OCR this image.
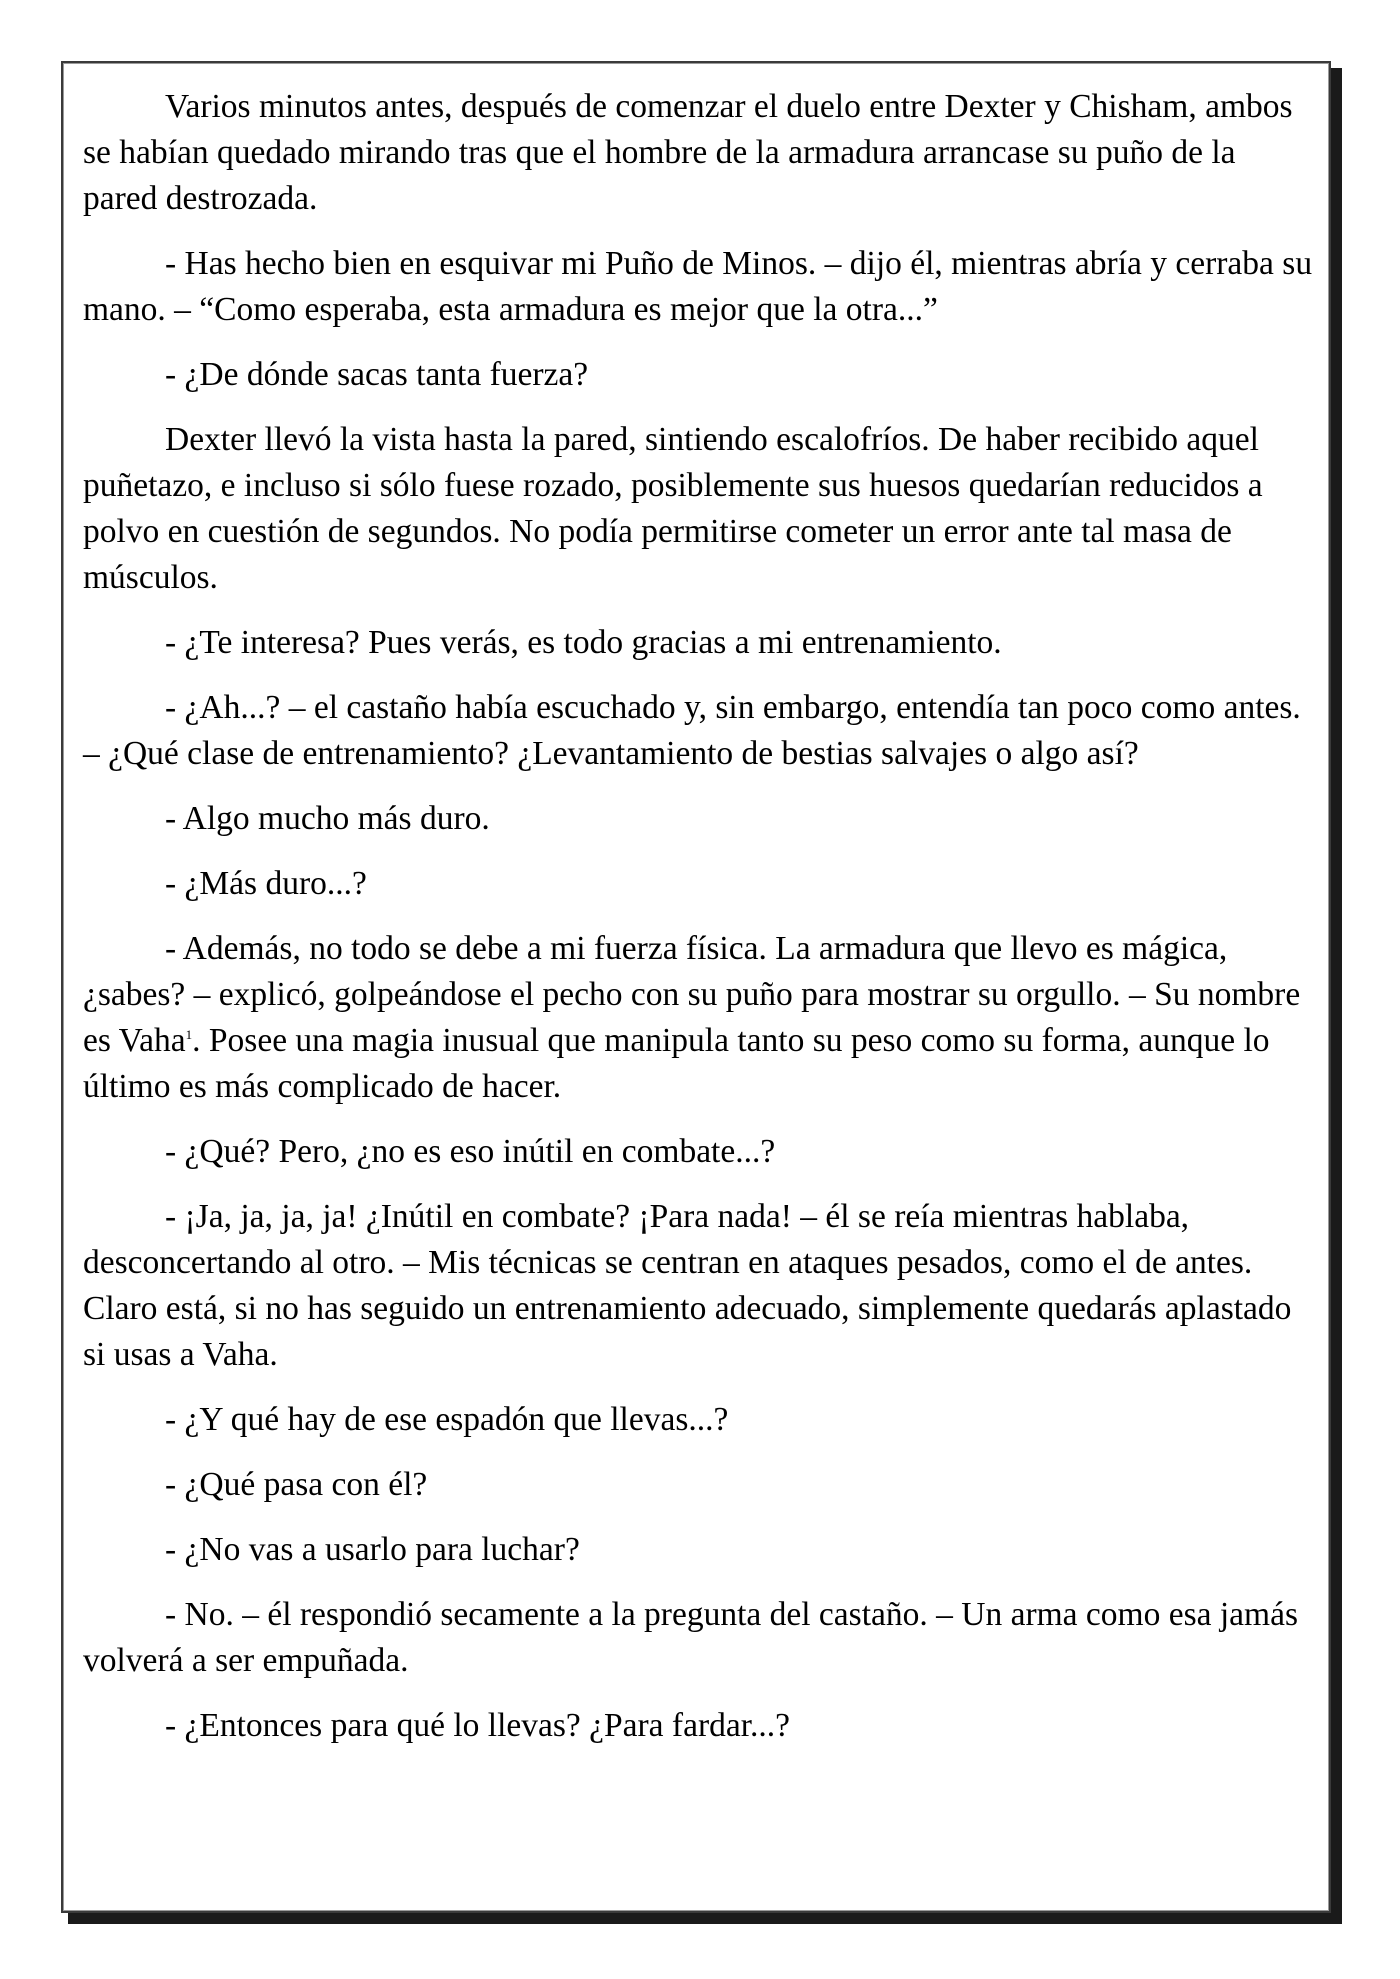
Varios minutos antes, después de comenzar el duelo entre Dexter y Chisham, ambos se habían quedado mirando tras que el hombre de la armadura arrancase su puño de la pared destrozada.

- Has hecho bien en esquivar mi Puño de Minos. – dijo él, mientras abría y cerraba su mano. – “Como esperaba, esta armadura es mejor que la otra...”

- ¿De dónde sacas tanta fuerza?

Dexter llevó la vista hasta la pared, sintiendo escalofríos. De haber recibido aquel puñetazo, e incluso si sólo fuese rozado, posiblemente sus huesos quedarían reducidos a polvo en cuestión de segundos. No podía permitirse cometer un error ante tal masa de músculos.

- ¿Te interesa? Pues verás, es todo gracias a mi entrenamiento.

- ¿Ah...? – el castaño había escuchado y, sin embargo, entendía tan poco como antes. – ¿Qué clase de entrenamiento? ¿Levantamiento de bestias salvajes o algo así?

- Algo mucho más duro.

- ¿Más duro...?

- Además, no todo se debe a mi fuerza física. La armadura que llevo es mágica, ¿sabes? – explicó, golpeándose el pecho con su puño para mostrar su orgullo. – Su nombre es Vaha$^1$. Posee una magia inusual que manipula tanto su peso como su forma, aunque lo último es más complicado de hacer.

- ¿Qué? Pero, ¿no es eso inútil en combate...?

- ¡Ja, ja, ja, ja! ¿Inútil en combate? ¡Para nada! – él se reía mientras hablaba, desconcertando al otro. – Mis técnicas se centran en ataques pesados, como el de antes. Claro está, si no has seguido un entrenamiento adecuado, simplemente quedarás aplastado si usas a Vaha.

- ¿Y qué hay de ese espadón que llevas...?

- ¿Qué pasa con él?

- ¿No vas a usarlo para luchar?

- No. – él respondió secamente a la pregunta del castaño. – Un arma como esa jamás volverá a ser empuñada.

- ¿Entonces para qué lo llevas? ¿Para fardar...?
